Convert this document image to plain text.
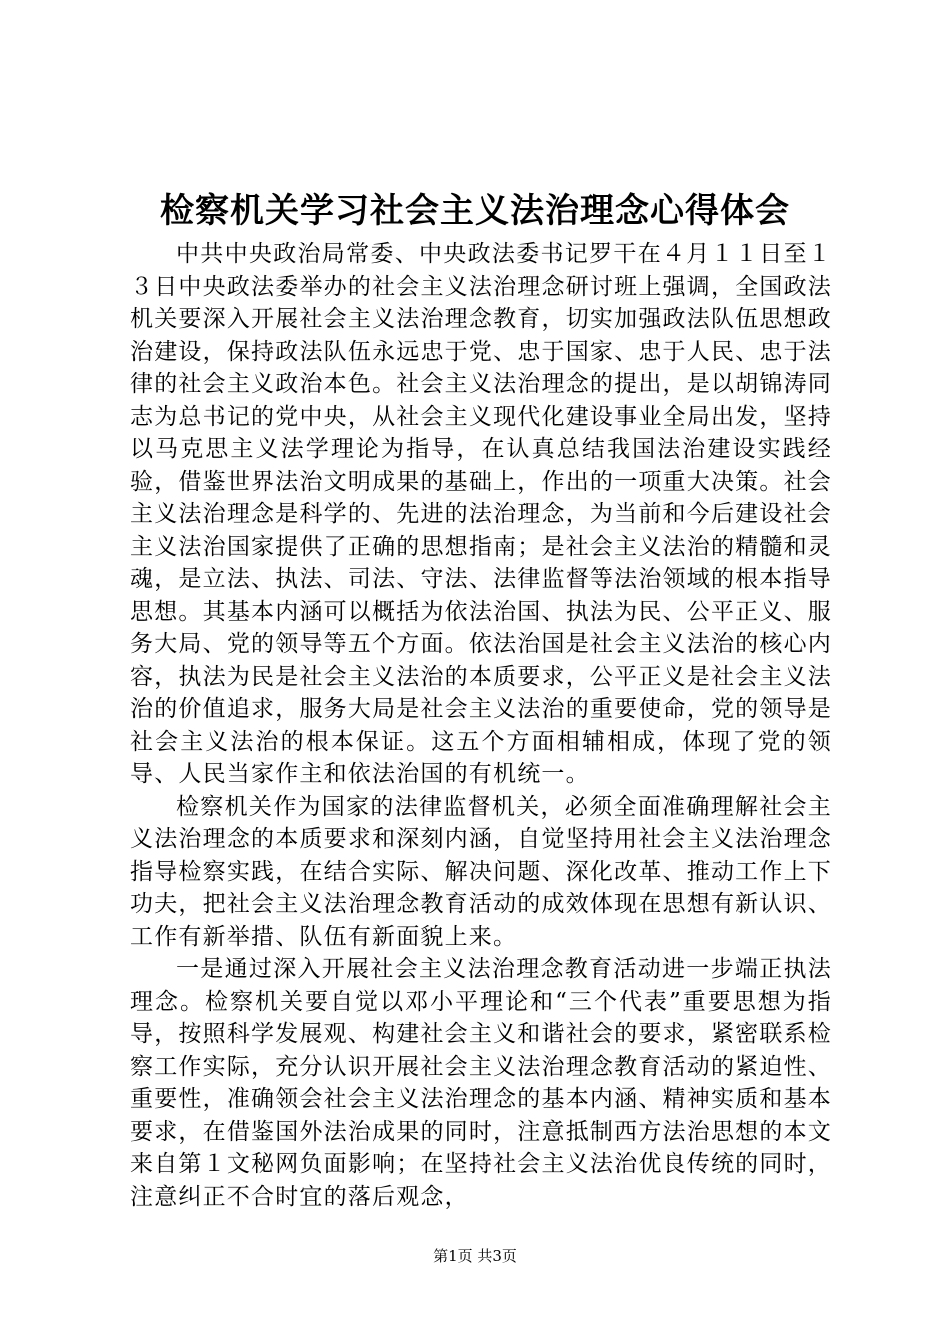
检察机关学习社会主义法治理念心得体会

中共中央政治局常委、中央政法委书记罗干在４月１１日至１３日中央政法委举办的社会主义法治理念研讨班上强调，全国政法机关要深入开展社会主义法治理念教育，切实加强政法队伍思想政治建设，保持政法队伍永远忠于党、忠于国家、忠于人民、忠于法律的社会主义政治本色。社会主义法治理念的提出，是以胡锦涛同志为总书记的党中央，从社会主义现代化建设事业全局出发，坚持以马克思主义法学理论为指导，在认真总结我国法治建设实践经验，借鉴世界法治文明成果的基础上，作出的一项重大决策。社会主义法治理念是科学的、先进的法治理念，为当前和今后建设社会主义法治国家提供了正确的思想指南；是社会主义法治的精髓和灵魂，是立法、执法、司法、守法、法律监督等法治领域的根本指导思想。其基本内涵可以概括为依法治国、执法为民、公平正义、服务大局、党的领导等五个方面。依法治国是社会主义法治的核心内容，执法为民是社会主义法治的本质要求，公平正义是社会主义法治的价值追求，服务大局是社会主义法治的重要使命，党的领导是社会主义法治的根本保证。这五个方面相辅相成，体现了党的领导、人民当家作主和依法治国的有机统一。

检察机关作为国家的法律监督机关，必须全面准确理解社会主义法治理念的本质要求和深刻内涵，自觉坚持用社会主义法治理念指导检察实践，在结合实际、解决问题、深化改革、推动工作上下功夫，把社会主义法治理念教育活动的成效体现在思想有新认识、工作有新举措、队伍有新面貌上来。

一是通过深入开展社会主义法治理念教育活动进一步端正执法理念。检察机关要自觉以邓小平理论和“三个代表”重要思想为指导，按照科学发展观、构建社会主义和谐社会的要求，紧密联系检察工作实际，充分认识开展社会主义法治理念教育活动的紧迫性、重要性，准确领会社会主义法治理念的基本内涵、精神实质和基本要求，在借鉴国外法治成果的同时，注意抵制西方法治思想的本文来自第１文秘网负面影响；在坚持社会主义法治优良传统的同时，注意纠正不合时宜的落后观念，

第1页 共3页
